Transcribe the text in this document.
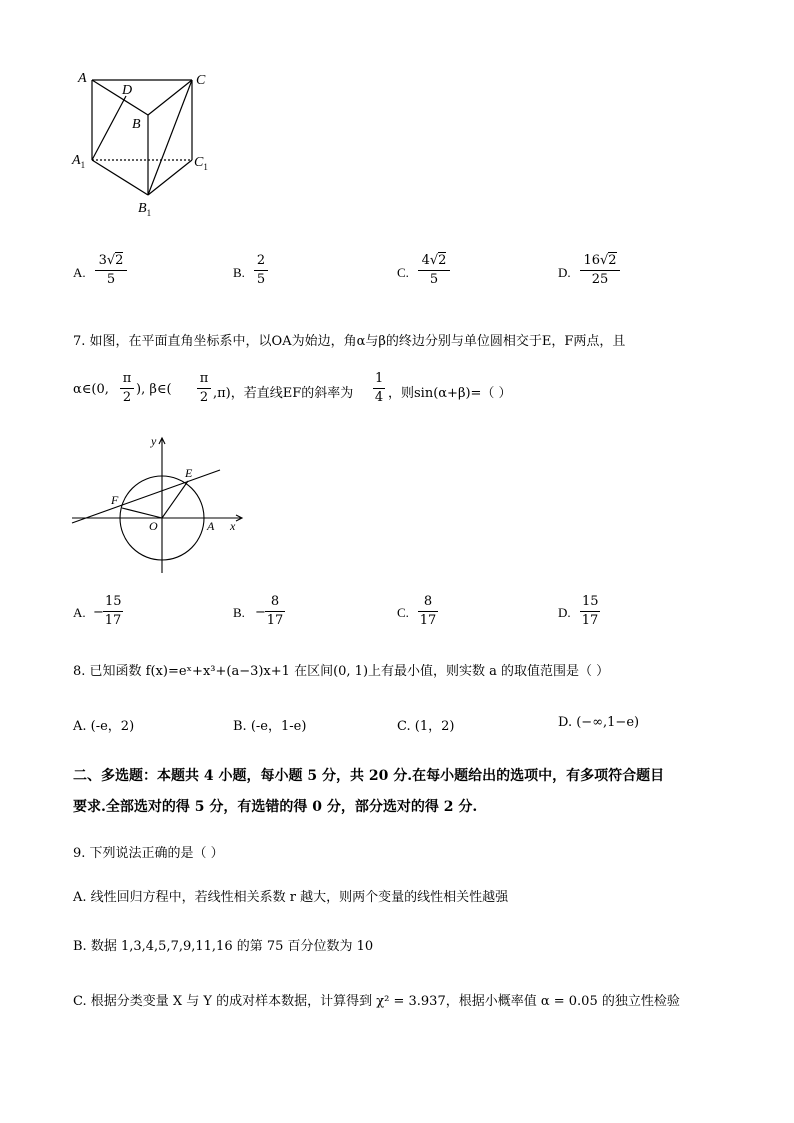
A
D
C
B
$A_1$	$C_1$
$B_1$
A.
3√2
5	B.
2
5	C.
4√2
5	D.
16√2
25
7. 如图，在平面直角坐标系中，以OA为始边，角α与β的终边分别与单位圆相交于E，F两点，且
α∈(0,
π
2
), β∈(
π
2 ,π)，若直线EF的斜率为
1
4 ，则sin(α+β)=（ ）
y
x
E
F
O	A
A. −
15
17
B. −
8
17
C.
8
17
D.
15
17
8. 已知函数 f(x)=eˣ+x³+(a−3)x+1 在区间(0, 1)上有最小值，则实数 a 的取值范围是（ ）
A. (-e，2)	B. (-e，1-e)	C. (1，2)	D. (−∞,1−e)
二、多选题：本题共 4 小题，每小题 5 分，共 20 分.在每小题给出的选项中，有多项符合题目
要求.全部选对的得 5 分，有选错的得 0 分，部分选对的得 2 分.
9. 下列说法正确的是（ ）
A. 线性回归方程中，若线性相关系数 r 越大，则两个变量的线性相关性越强
B. 数据 1,3,4,5,7,9,11,16 的第 75 百分位数为 10
C. 根据分类变量 X 与 Y 的成对样本数据，计算得到 χ² = 3.937，根据小概率值 α = 0.05 的独立性检验
